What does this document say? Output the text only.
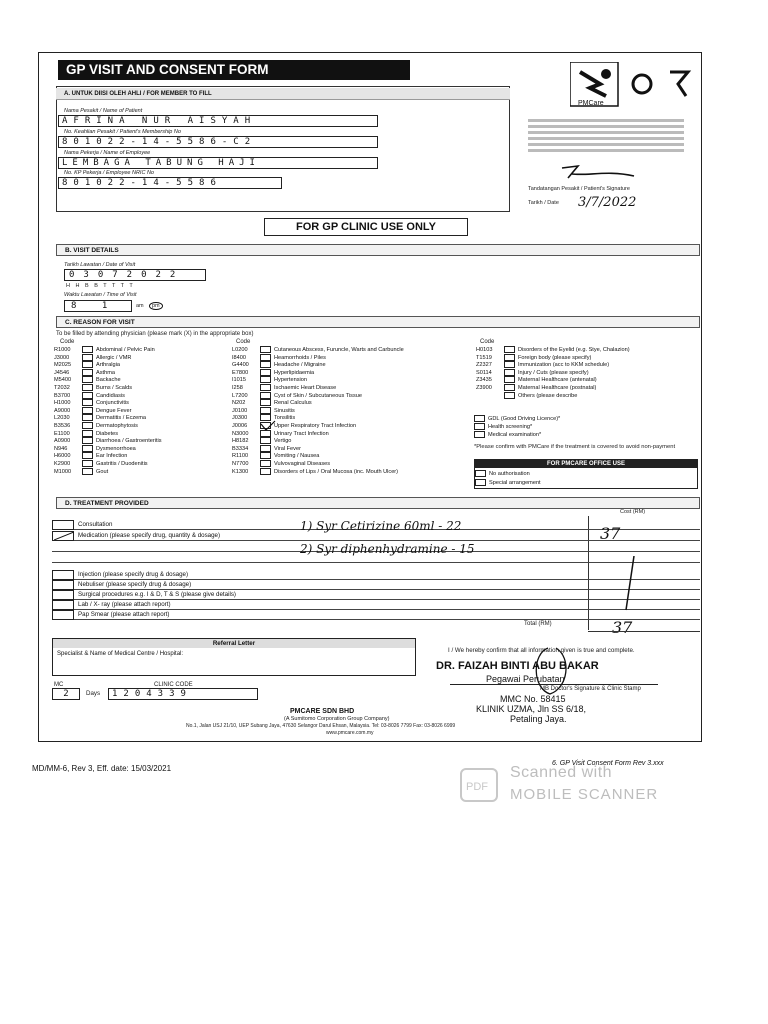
GP VISIT AND CONSENT FORM
PMCare
A. UNTUK DIISI OLEH AHLI / FOR MEMBER TO FILL
Nama Pesakit / Name of Patient
AFRINA NUR AISYAH
No. Keahlian Pesakit / Patient's Membership No
801022-14-5586-C2
Nama Pekerja / Name of Employee
LEMBAGA TABUNG HAJI
No. KP Pekerja / Employee NRIC No
801022-14-5586
Tandatangan Pesakit / Patient's Signature
Tarikh / Date 3/7/2022
FOR GP CLINIC USE ONLY
B. VISIT DETAILS
Tarikh Lawatan / Date of Visit
03072022
H H B B T T T T
Waktu Lawatan / Time of Visit
8 1	am	pm
C. REASON FOR VISIT
To be filled by attending physician (please mark (X) in the appropriate box)
Code	Code	Code
R1000	Abdominal / Pelvic Pain
J3000	Allergic / VMR
M2025	Arthralgia
J4546	Asthma
M5400	Backache
T2032	Burns / Scalds
B3700	Candidiasis
H1000	Conjunctivitis
A9000	Dengue Fever
L2030	Dermatitis / Eczema
B3536	Dermatophytosis
E1100	Diabetes
A0900	Diarrhoea / Gastroenteritis
N946	Dysmenorrhoea
H6000	Ear Infection
K2900	Gastritis / Duodenitis
M1000	Gout
L0200	Cutaneous Abscess, Furuncle, Warts and Carbuncle
I8400	Heamorrhoids / Piles
G4400	Headache / Migraine
E7800	Hyperlipidaemia
I1015	Hypertension
I258	Ischaemic Heart Disease
L7200	Cyst of Skin / Subcutaneous Tissue
N202	Renal Calculus
J0100	Sinusitis
J0300	Tonsilitis
J0006	Upper Respiratory Tract Infection
N3000	Urinary Tract Infection
H8182	Vertigo
B3334	Viral Fever
R1100	Vomiting / Nausea
N7700	Vulvovaginal Diseases
K1300	Disorders of Lips / Oral Mucosa (inc. Mouth Ulcer)
H0103	Disorders of the Eyelid (e.g. Stye, Chalazion)
T1519	Foreign body (please specify)
Z2327	Immunization (acc to KKM schedule)
S0114	Injury / Cuts (please specify)
Z3435	Maternal Healthcare (antenatal)
Z3900	Maternal Healthcare (postnatal)
Others (please describe
GDL (Good Driving Licence)*
Health screening*
Medical examination*
*Please confirm with PMCare if the treatment is covered to avoid non-payment
FOR PMCARE OFFICE USE
No authorisation
Special arrangement
D. TREATMENT PROVIDED
Cost (RM)
Consultation
Medication (please specify drug, quantity & dosage)
1) Syr Cetirizine 60ml - 22	37
2) Syr diphenhydramine - 15
Injection (please specify drug & dosage)
Nebuliser (please specify drug & dosage)
Surgical procedures e.g. I & D, T & S (please give details)
Lab / X- ray (please attach report)
Pap Smear (please attach report)
Total (RM)	37
Referral Letter
Specialist & Name of Medical Centre / Hospital:
MC
2	Days
CLINIC CODE
1204339
I / We hereby confirm that all information given is true and complete.
DR. FAIZAH BINTI ABU BAKAR
Pegawai Perubatan
MB Doctor's Signature & Clinic Stamp
MMC No. 58415
KLINIK UZMA, Jln SS 6/18,
Petaling Jaya.
PMCARE SDN BHD
(A Sumitomo Corporation Group Company)
No.1, Jalan USJ 21/10, UEP Subang Jaya, 47630 Selangor Darul Ehsan, Malaysia. Tel: 03-8026 7799 Fax: 03-8026 6999
www.pmcare.com.my
MD/MM-6, Rev 3, Eff. date: 15/03/2021
6. GP Visit Consent Form Rev 3.xxx
PDF
Scanned with
MOBILE SCANNER
